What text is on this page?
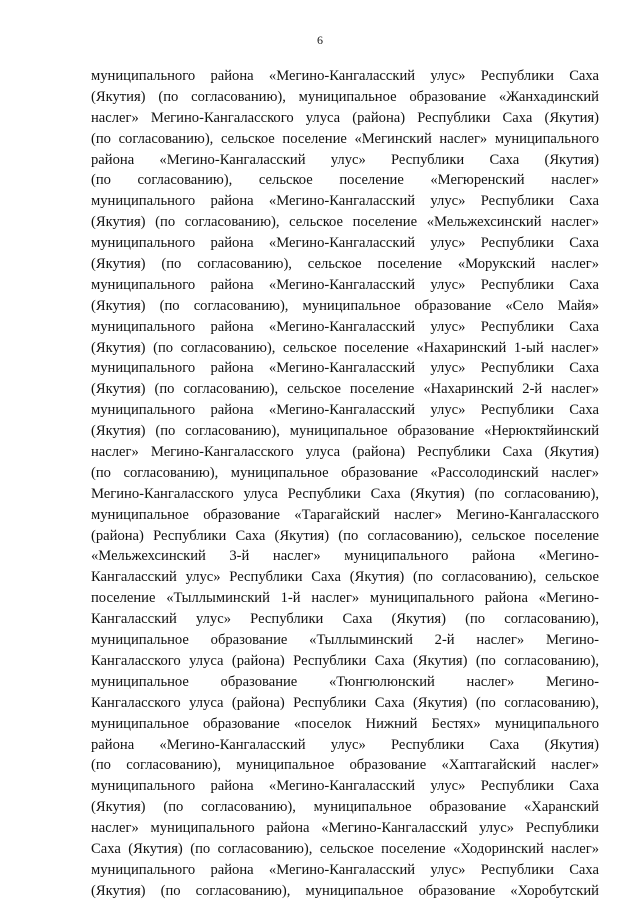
6
муниципального района «Мегино-Кангаласский улус» Республики Саха
(Якутия) (по согласованию), муниципальное образование «Жанхадинский
наслег» Мегино-Кангаласского улуса (района) Республики Саха (Якутия)
(по согласованию), сельское поселение «Мегинский наслег» муниципального
района «Мегино-Кангаласский улус» Республики Саха (Якутия)
(по согласованию), сельское поселение «Мегюренский наслег»
муниципального района «Мегино-Кангаласский улус» Республики Саха
(Якутия) (по согласованию), сельское поселение «Мельжехсинский наслег»
муниципального района «Мегино-Кангаласский улус» Республики Саха
(Якутия) (по согласованию), сельское поселение «Морукский наслег»
муниципального района «Мегино-Кангаласский улус» Республики Саха
(Якутия) (по согласованию), муниципальное образование «Село Майя»
муниципального района «Мегино-Кангаласский улус» Республики Саха
(Якутия) (по согласованию), сельское поселение «Нахаринский 1-ый наслег»
муниципального района «Мегино-Кангаласский улус» Республики Саха
(Якутия) (по согласованию), сельское поселение «Нахаринский 2-й наслег»
муниципального района «Мегино-Кангаласский улус» Республики Саха
(Якутия) (по согласованию), муниципальное образование «Нерюктяйинский
наслег» Мегино-Кангаласского улуса (района) Республики Саха (Якутия)
(по согласованию), муниципальное образование «Рассолодинский наслег»
Мегино-Кангаласского улуса Республики Саха (Якутия) (по согласованию),
муниципальное образование «Тарагайский наслег» Мегино-Кангаласского
(района) Республики Саха (Якутия) (по согласованию), сельское поселение
«Мельжехсинский 3-й наслег» муниципального района «Мегино-
Кангаласский улус» Республики Саха (Якутия) (по согласованию), сельское
поселение «Тыллыминский 1-й наслег» муниципального района «Мегино-
Кангаласский улус» Республики Саха (Якутия) (по согласованию),
муниципальное образование «Тыллыминский 2-й наслег» Мегино-
Кангаласского улуса (района) Республики Саха (Якутия) (по согласованию),
муниципальное образование «Тюнгюлюнский наслег» Мегино-
Кангаласского улуса (района) Республики Саха (Якутия) (по согласованию),
муниципальное образование «поселок Нижний Бестях» муниципального
района «Мегино-Кангаласский улус» Республики Саха (Якутия)
(по согласованию), муниципальное образование «Хаптагайский наслег»
муниципального района «Мегино-Кангаласский улус» Республики Саха
(Якутия) (по согласованию), муниципальное образование «Харанский
наслег» муниципального района «Мегино-Кангаласский улус» Республики
Саха (Якутия) (по согласованию), сельское поселение «Ходоринский наслег»
муниципального района «Мегино-Кангаласский улус» Республики Саха
(Якутия) (по согласованию), муниципальное образование «Хоробутский
